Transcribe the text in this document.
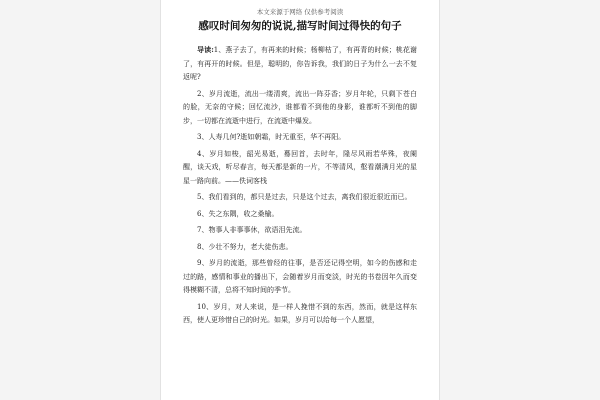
本文来源于网络 仅供参考阅读
感叹时间匆匆的说说,描写时间过得快的句子

导读:1、燕子去了，有再来的时候；杨柳枯了，有再青的时候；桃花谢了，有再开的时候。但是，聪明的，你告诉我，我们的日子为什么一去不复返呢?

2、岁月流逝，流出一缕清爽，流出一阵芬香；岁月年轮，只剩下苍白的脸，无奈的守候；回忆流沙，谁都看不到他的身影，谁都听不到他的脚步，一切都在流逝中进行，在流逝中爆发。

3、人寿几何?逝如朝霜，时无重至，华不再阳。

4、岁月如梭，韶光易逝，蓦回首，去时年，隆尽风雨若华殊，夜阑醒，谈天戏，听尽春言，每天都是新的一片，不等清风，壑看潮满月光的星星一路向前。——佚词客栈

5、我们看到的，都只是过去，只是这个过去，离我们很近很近而已。

6、失之东隅，收之桑榆。

7、物事人非事事休，欲语泪先流。

8、少壮不努力，老大徒伤悲。

9、岁月的流逝，那些曾经的往事，是否还记得空明，如今的伤感和走过的路，感情和事业的播出下，会随着岁月而变淡，时光的书卷因年久而变得模糊不清，总将不知时间的季节。

10、岁月，对人来说，是一样人挽惜不到的东西，然而，就是这样东西，使人更珍惜自己的时光。如果，岁月可以给每一个人愿望，
